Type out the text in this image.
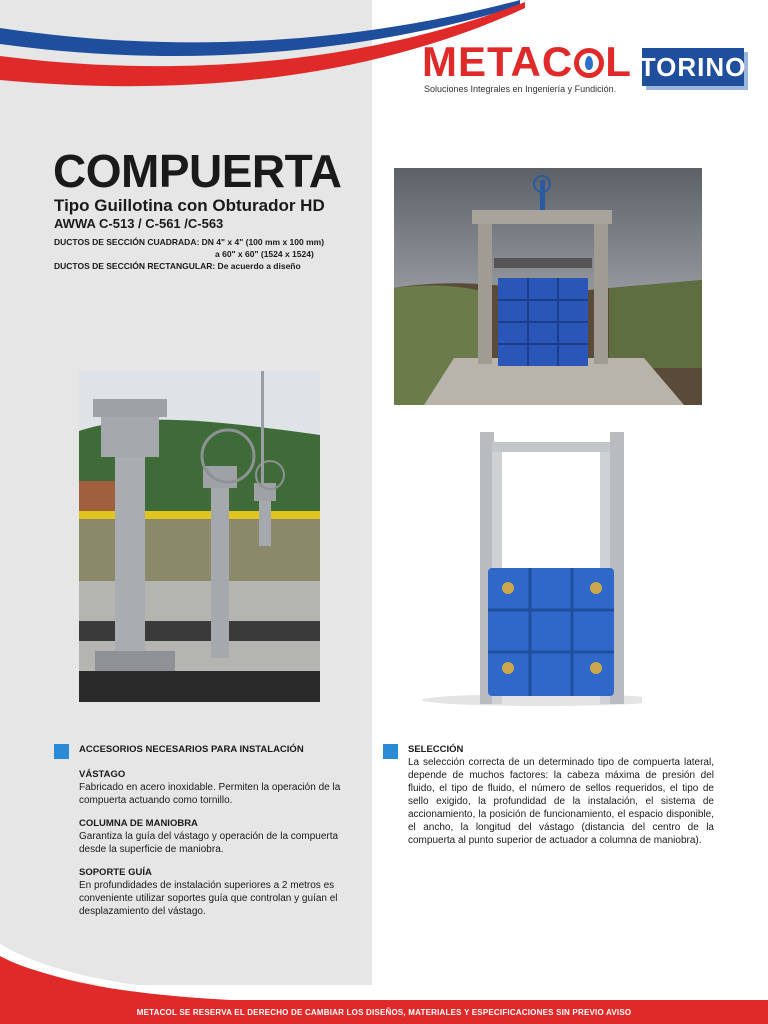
METAC L
Soluciones Integrales en Ingeniería y Fundición.
TORINO
COMPUERTA
Tipo Guillotina con Obturador HD
AWWA C-513 / C-561 /C-563
DUCTOS DE SECCIÓN CUADRADA: DN 4" x 4" (100 mm x 100 mm)
a 60" x 60" (1524 x 1524)
DUCTOS DE SECCIÓN RECTANGULAR: De acuerdo a diseño
ACCESORIOS NECESARIOS PARA INSTALACIÓN
VÁSTAGO
Fabricado en acero inoxidable. Permiten la operación de la compuerta actuando como tornillo.
COLUMNA DE MANIOBRA
Garantiza la guía del vástago y operación de la compuerta desde la superficie de maniobra.
SOPORTE GUÍA
En profundidades de instalación superiores a 2 metros es conveniente utilizar soportes guía que controlan y guían el desplazamiento del vástago.
SELECCIÓN
La selección correcta de un determinado tipo de compuerta lateral, depende de muchos factores: la cabeza máxima de presión del fluido, el tipo de fluido, el número de sellos requeridos, el tipo de sello exigido, la profundidad de la instalación, el sistema de accionamiento, la posición de funcionamiento, el espacio disponible, el ancho, la longitud del vástago (distancia del centro de la compuerta al punto superior de actuador a columna de maniobra).
METACOL SE RESERVA EL DERECHO DE CAMBIAR LOS DISEÑOS, MATERIALES Y ESPECIFICACIONES SIN PREVIO AVISO
